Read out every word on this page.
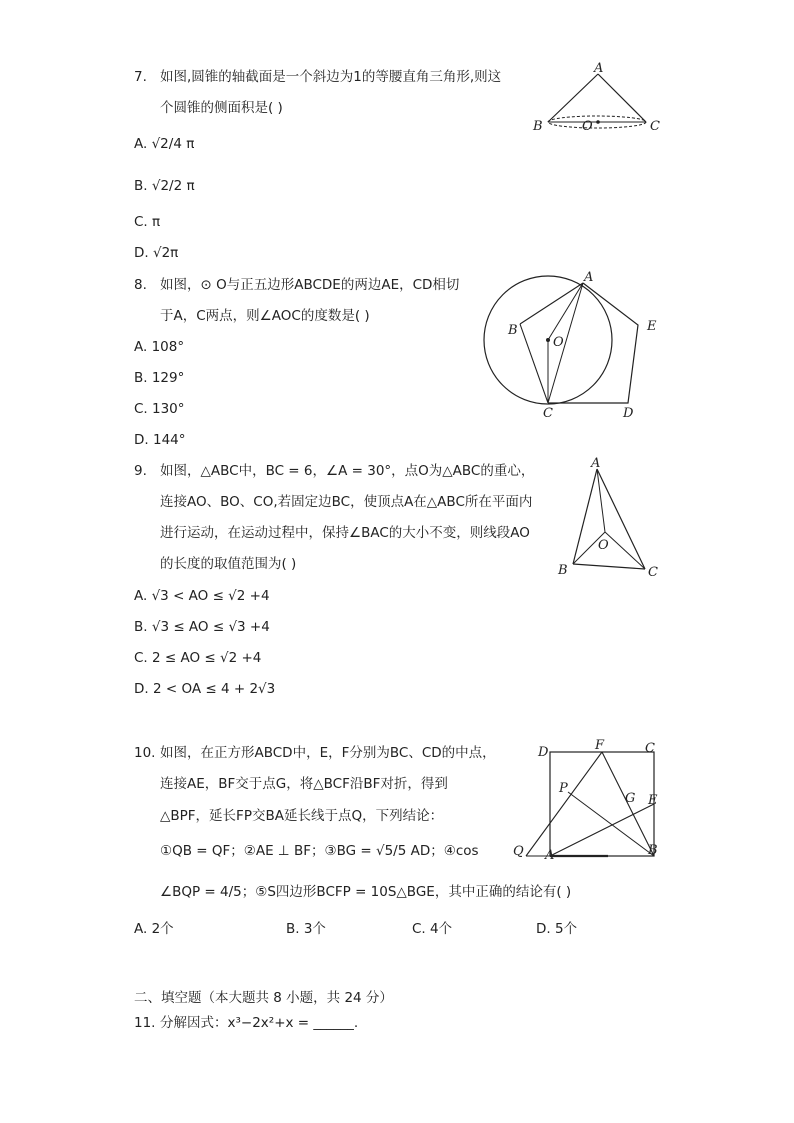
7. 如图,圆锥的轴截面是一个斜边为1的等腰直角三角形,则这
个圆锥的侧面积是( )
A. √2/4 π
B. √2/2 π
C. π
D. √2π
A
B	C
O
8. 如图，⊙ O与正五边形ABCDE的两边AE，CD相切
于A，C两点，则∠AOC的度数是( )
A. 108°
B. 129°
C. 130°
D. 144°
A
B
C	D
E
O
9. 如图，△ABC中，BC = 6，∠A = 30°，点O为△ABC的重心，
连接AO、BO、CO,若固定边BC，使顶点A在△ABC所在平面内
进行运动，在运动过程中，保持∠BAC的大小不变，则线段AO
的长度的取值范围为( )
A. √3 < AO ≤ √2 +4
B. √3 ≤ AO ≤ √3 +4
C. 2 ≤ AO ≤ √2 +4
D. 2 < OA ≤ 4 + 2√3
A
B	C
O
10. 如图，在正方形ABCD中，E，F分别为BC、CD的中点，
连接AE，BF交于点G，将△BCF沿BF对折，得到
△BPF，延长FP交BA延长线于点Q，下列结论：
①QB = QF；②AE ⊥ BF；③BG = √5/5 AD；④cos
∠BQP = 4/5；⑤S四边形BCFP = 10S△BGE，其中正确的结论有( )
A. 2个	B. 3个	C. 4个	D. 5个
D	F	C
P
G E
Q A	B
二、填空题（本大题共 8 小题，共 24 分）
11. 分解因式：x³−2x²+x = ______.
